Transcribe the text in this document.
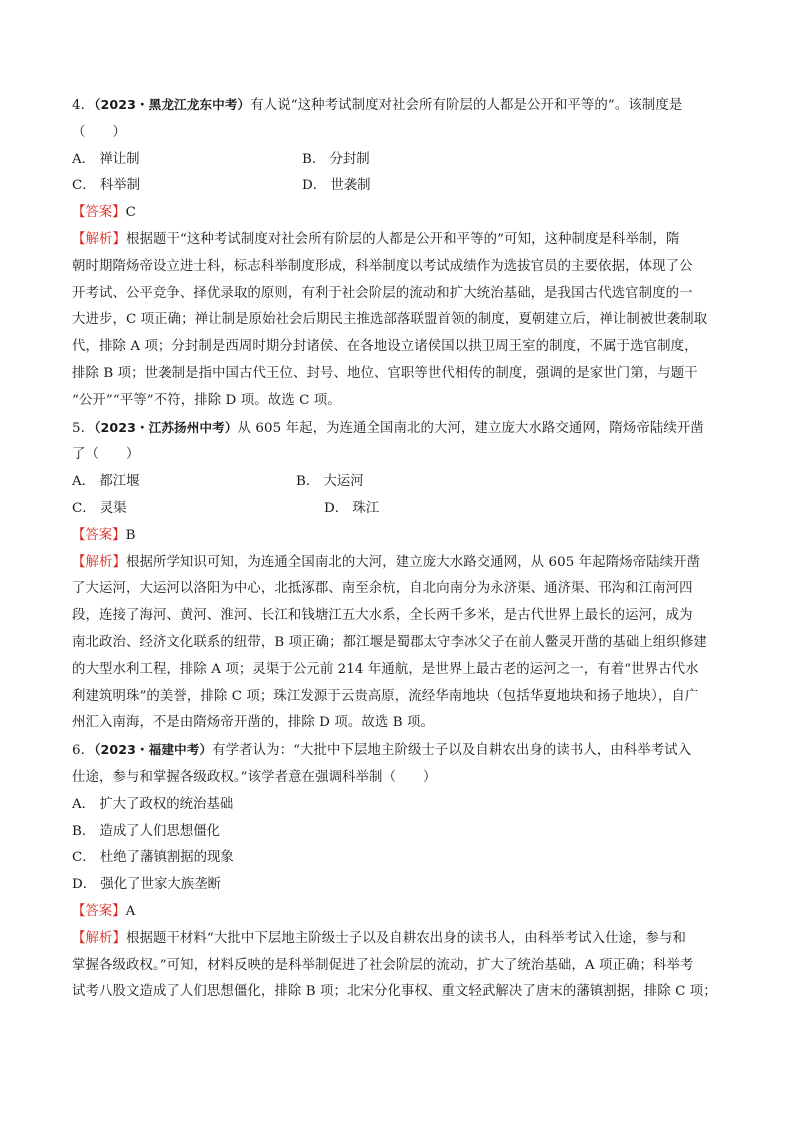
4．（2023・黑龙江龙东中考）有人说“这种考试制度对社会所有阶层的人都是公开和平等的”。该制度是
（　　）
A． 禅让制	B． 分封制
C． 科举制	D． 世袭制
【答案】C
【解析】根据题干“这种考试制度对社会所有阶层的人都是公开和平等的”可知，这种制度是科举制，隋
朝时期隋炀帝设立进士科，标志科举制度形成，科举制度以考试成绩作为选拔官员的主要依据，体现了公
开考试、公平竞争、择优录取的原则，有利于社会阶层的流动和扩大统治基础，是我国古代选官制度的一
大进步，C 项正确；禅让制是原始社会后期民主推选部落联盟首领的制度，夏朝建立后，禅让制被世袭制取
代，排除 A 项；分封制是西周时期分封诸侯、在各地设立诸侯国以拱卫周王室的制度，不属于选官制度，
排除 B 项；世袭制是指中国古代王位、封号、地位、官职等世代相传的制度，强调的是家世门第，与题干
“公开”“平等”不符，排除 D 项。故选 C 项。
5．（2023・江苏扬州中考）从 605 年起，为连通全国南北的大河，建立庞大水路交通网，隋炀帝陆续开凿
了（　　）
A． 都江堰	B． 大运河
C． 灵渠	D． 珠江
【答案】B
【解析】根据所学知识可知，为连通全国南北的大河，建立庞大水路交通网，从 605 年起隋炀帝陆续开凿
了大运河，大运河以洛阳为中心，北抵涿郡、南至余杭，自北向南分为永济渠、通济渠、邗沟和江南河四
段，连接了海河、黄河、淮河、长江和钱塘江五大水系，全长两千多米，是古代世界上最长的运河，成为
南北政治、经济文化联系的纽带，B 项正确；都江堰是蜀郡太守李冰父子在前人鳖灵开凿的基础上组织修建
的大型水利工程，排除 A 项；灵渠于公元前 214 年通航，是世界上最古老的运河之一，有着“世界古代水
利建筑明珠”的美誉，排除 C 项；珠江发源于云贵高原，流经华南地块（包括华夏地块和扬子地块），自广
州汇入南海，不是由隋炀帝开凿的，排除 D 项。故选 B 项。
6．（2023・福建中考）有学者认为：“大批中下层地主阶级士子以及自耕农出身的读书人，由科举考试入
仕途，参与和掌握各级政权。”该学者意在强调科举制（　　）
A． 扩大了政权的统治基础
B． 造成了人们思想僵化
C． 杜绝了藩镇割据的现象
D． 强化了世家大族垄断
【答案】A
【解析】根据题干材料“大批中下层地主阶级士子以及自耕农出身的读书人，由科举考试入仕途，参与和
掌握各级政权。”可知，材料反映的是科举制促进了社会阶层的流动，扩大了统治基础，A 项正确；科举考
试考八股文造成了人们思想僵化，排除 B 项；北宋分化事权、重文轻武解决了唐末的藩镇割据，排除 C 项；
